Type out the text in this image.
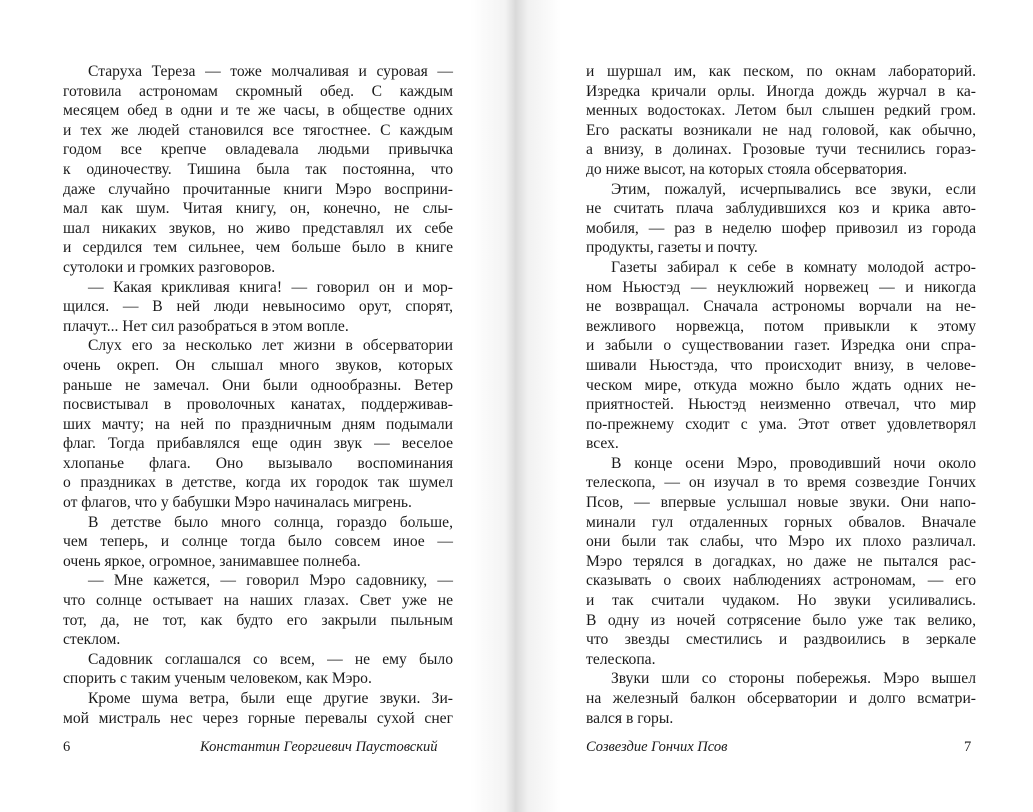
Старуха Тереза — тоже молчаливая и суровая —
готовила астрономам скромный обед. С каждым
месяцем обед в одни и те же часы, в обществе одних
и тех же людей становился все тягостнее. С каждым
годом все крепче овладевала людьми привычка
к одиночеству. Тишина была так постоянна, что
даже случайно прочитанные книги Мэро восприни-
мал как шум. Читая книгу, он, конечно, не слы-
шал никаких звуков, но живо представлял их себе
и сердился тем сильнее, чем больше было в книге
сутолоки и громких разговоров.
— Какая крикливая книга! — говорил он и мор-
щился. — В ней люди невыносимо орут, спорят,
плачут... Нет сил разобраться в этом вопле.
Слух его за несколько лет жизни в обсерватории
очень окреп. Он слышал много звуков, которых
раньше не замечал. Они были однообразны. Ветер
посвистывал в проволочных канатах, поддерживав-
ших мачту; на ней по праздничным дням подымали
флаг. Тогда прибавлялся еще один звук — веселое
хлопанье флага. Оно вызывало воспоминания
о праздниках в детстве, когда их городок так шумел
от флагов, что у бабушки Мэро начиналась мигрень.
В детстве было много солнца, гораздо больше,
чем теперь, и солнце тогда было совсем иное —
очень яркое, огромное, занимавшее полнеба.
— Мне кажется, — говорил Мэро садовнику, —
что солнце остывает на наших глазах. Свет уже не
тот, да, не тот, как будто его закрыли пыльным
стеклом.
Садовник соглашался со всем, — не ему было
спорить с таким ученым человеком, как Мэро.
Кроме шума ветра, были еще другие звуки. Зи-
мой мистраль нес через горные перевалы сухой снег
6	Константин Георгиевич Паустовский
и шуршал им, как песком, по окнам лабораторий.
Изредка кричали орлы. Иногда дождь журчал в ка-
менных водостоках. Летом был слышен редкий гром.
Его раскаты возникали не над головой, как обычно,
а внизу, в долинах. Грозовые тучи теснились гораз-
до ниже высот, на которых стояла обсерватория.
Этим, пожалуй, исчерпывались все звуки, если
не считать плача заблудившихся коз и крика авто-
мобиля, — раз в неделю шофер привозил из города
продукты, газеты и почту.
Газеты забирал к себе в комнату молодой астро-
ном Ньюстэд — неуклюжий норвежец — и никогда
не возвращал. Сначала астрономы ворчали на не-
вежливого норвежца, потом привыкли к этому
и забыли о существовании газет. Изредка они спра-
шивали Ньюстэда, что происходит внизу, в челове-
ческом мире, откуда можно было ждать одних не-
приятностей. Ньюстэд неизменно отвечал, что мир
по-прежнему сходит с ума. Этот ответ удовлетворял
всех.
В конце осени Мэро, проводивший ночи около
телескопа, — он изучал в то время созвездие Гончих
Псов, — впервые услышал новые звуки. Они напо-
минали гул отдаленных горных обвалов. Вначале
они были так слабы, что Мэро их плохо различал.
Мэро терялся в догадках, но даже не пытался рас-
сказывать о своих наблюдениях астрономам, — его
и так считали чудаком. Но звуки усиливались.
В одну из ночей сотрясение было уже так велико,
что звезды сместились и раздвоились в зеркале
телескопа.
Звуки шли со стороны побережья. Мэро вышел
на железный балкон обсерватории и долго всматри-
вался в горы.
Созвездие Гончих Псов	7
